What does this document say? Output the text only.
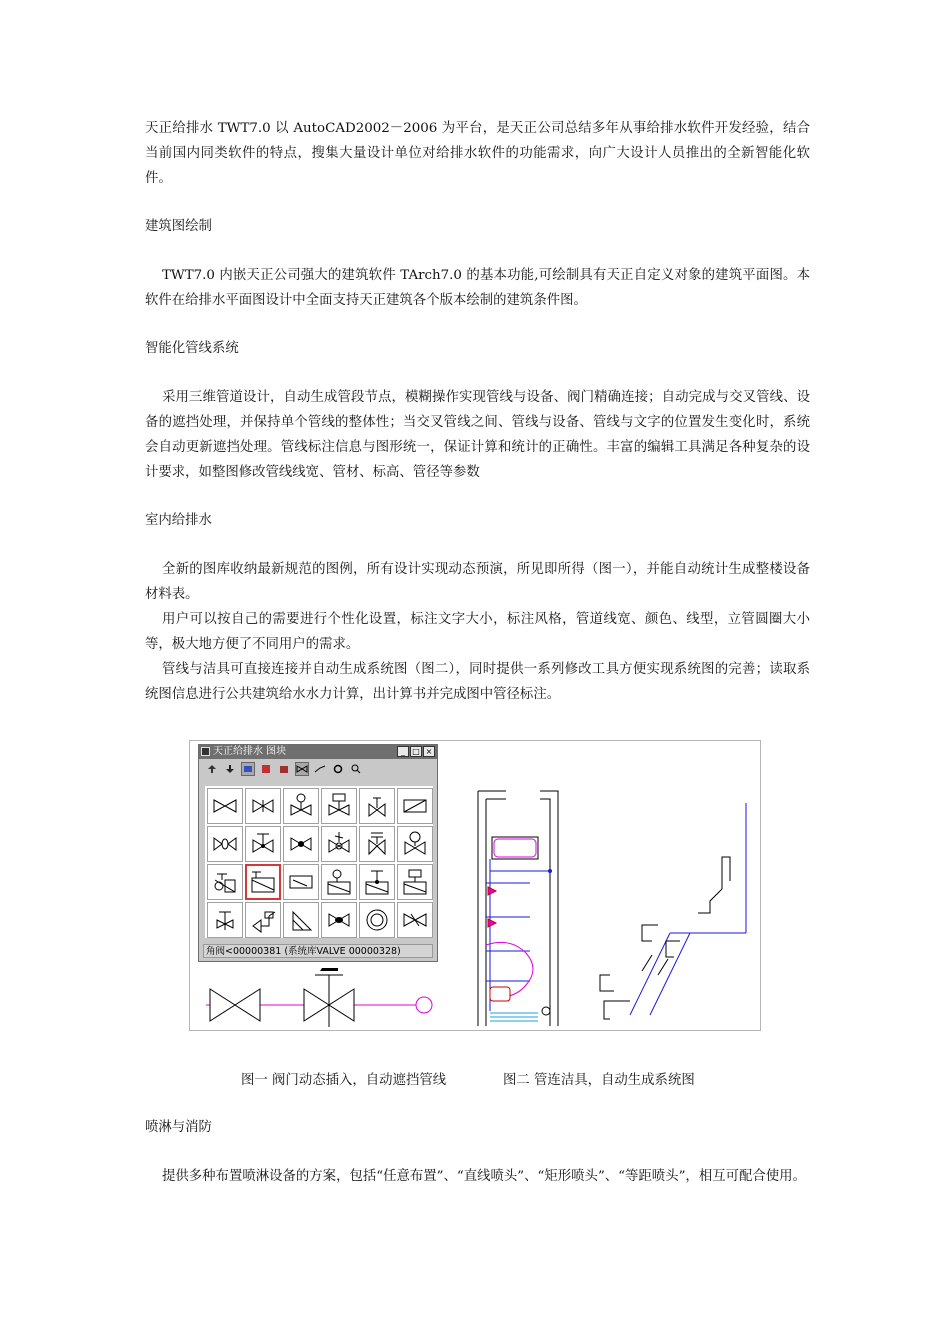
天正给排水 TWT7.0 以 AutoCAD2002－2006 为平台，是天正公司总结多年从事给排水软件开发经验，结合当前国内同类软件的特点，搜集大量设计单位对给排水软件的功能需求，向广大设计人员推出的全新智能化软件。

建筑图绘制

TWT7.0 内嵌天正公司强大的建筑软件 TArch7.0 的基本功能,可绘制具有天正自定义对象的建筑平面图。本软件在给排水平面图设计中全面支持天正建筑各个版本绘制的建筑条件图。

智能化管线系统

采用三维管道设计，自动生成管段节点，模糊操作实现管线与设备、阀门精确连接；自动完成与交叉管线、设备的遮挡处理，并保持单个管线的整体性；当交叉管线之间、管线与设备、管线与文字的位置发生变化时，系统会自动更新遮挡处理。管线标注信息与图形统一，保证计算和统计的正确性。丰富的编辑工具满足各种复杂的设计要求，如整图修改管线线宽、管材、标高、管径等参数

室内给排水

全新的图库收纳最新规范的图例，所有设计实现动态预演，所见即所得（图一），并能自动统计生成整楼设备材料表。

用户可以按自己的需要进行个性化设置，标注文字大小，标注风格，管道线宽、颜色、线型，立管圆圈大小等，极大地方便了不同用户的需求。

管线与洁具可直接连接并自动生成系统图（图二），同时提供一系列修改工具方便实现系统图的完善；读取系统图信息进行公共建筑给水水力计算，出计算书并完成图中管径标注。

天正给排水 图块	_ □ ×
角阀<00000381 (系统库VALVE 00000328)
图一 阀门动态插入，自动遮挡管线	图二 管连洁具，自动生成系统图
喷淋与消防

提供多种布置喷淋设备的方案，包括“任意布置”、“直线喷头”、“矩形喷头”、“等距喷头”，相互可配合使用。
